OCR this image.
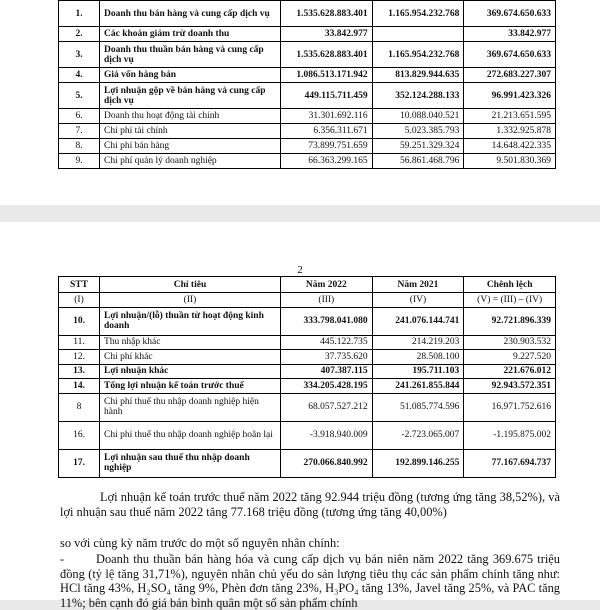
1.	Doanh thu bán hàng và cung cấp dịch vụ	1.535.628.883.401	1.165.954.232.768	369.674.650.633
2.	Các khoản giảm trừ doanh thu	33.842.977		33.842.977
3.	Doanh thu thuần bán hàng và cung cấp dịch vụ	1.535.628.883.401	1.165.954.232.768	369.674.650.633
4.	Giá vốn hàng bán	1.086.513.171.942	813.829.944.635	272.683.227.307
5.	Lợi nhuận gộp về bán hàng và cung cấp dịch vụ	449.115.711.459	352.124.288.133	96.991.423.326
6.	Doanh thu hoạt động tài chính	31.301.692.116	10.088.040.521	21.213.651.595
7.	Chi phí tài chính	6.356.311.671	5.023.385.793	1.332.925.878
8.	Chi phí bán hàng	73.899.751.659	59.251.329.324	14.648.422.335
9.	Chi phí quản lý doanh nghiệp	66.363.299.165	56.861.468.796	9.501.830.369
2
STT	Chỉ tiêu	Năm 2022	Năm 2021	Chênh lệch
(I)	(II)	(III)	(IV)	(V) = (III) – (IV)
10.	Lợi nhuận/(lỗ) thuần từ hoạt động kinh doanh	333.798.041.080	241.076.144.741	92.721.896.339
11.	Thu nhập khác	445.122.735	214.219.203	230.903.532
12.	Chi phí khác	37.735.620	28.508.100	9.227.520
13.	Lợi nhuận khác	407.387.115	195.711.103	221.676.012
14.	Tổng lợi nhuận kế toán trước thuế	334.205.428.195	241.261.855.844	92.943.572.351
8	Chi phí thuế thu nhập doanh nghiệp hiện hành	68.057.527.212	51.085.774.596	16.971.752.616
16.	Chi phí thuế thu nhập doanh nghiệp hoãn lại	-3.918.940.009	-2.723.065.007	-1.195.875.002
17.	Lợi nhuận sau thuế thu nhập doanh nghiệp	270.066.840.992	192.899.146.255	77.167.694.737
Lợi nhuận kế toán trước thuế năm 2022 tăng 92.944 triệu đồng (tương ứng tăng 38,52%), và lợi nhuận sau thuế năm 2022 tăng 77.168 triệu đồng (tương ứng tăng 40,00%)
so với cùng kỳ năm trước do một số nguyên nhân chính:
-	Doanh thu thuần bán hàng hóa và cung cấp dịch vụ bán niên năm 2022 tăng 369.675 triệu đồng (tỷ lệ tăng 31,71%), nguyên nhân chủ yếu do sản lượng tiêu thụ các sản phẩm chính tăng như: HCl tăng 43%, H₂SO₄ tăng 9%, Phèn đơn tăng 23%, H₃PO₄ tăng 13%, Javel tăng 25%, và PAC tăng 11%; bên cạnh đó giá bán bình quân một số sản phẩm chính
